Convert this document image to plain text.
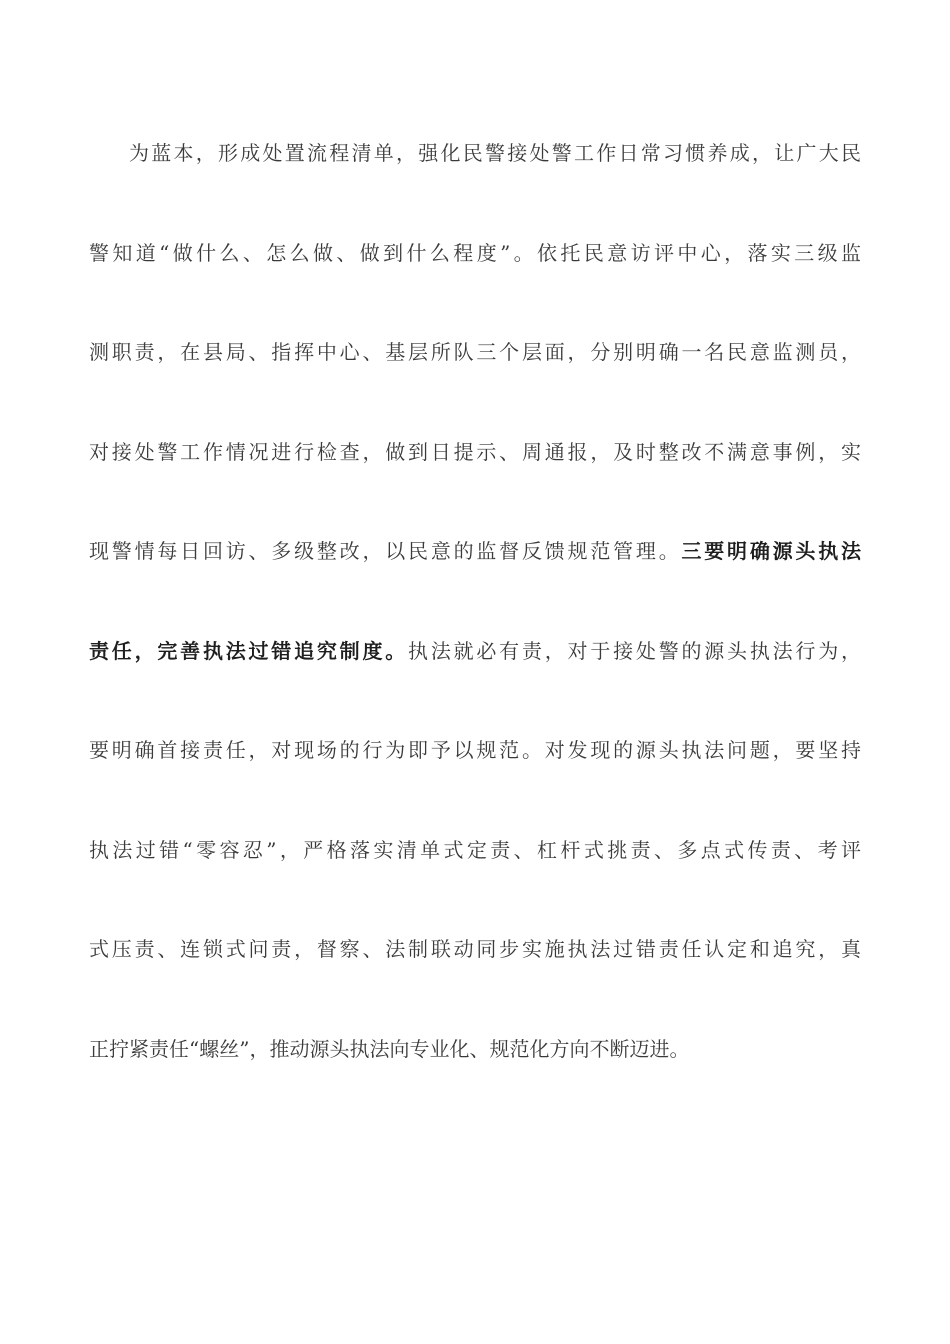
为蓝本，形成处置流程清单，强化民警接处警工作日常习惯养成，让广大民
警知道“做什么、怎么做、做到什么程度”。依托民意访评中心，落实三级监
测职责，在县局、指挥中心、基层所队三个层面，分别明确一名民意监测员，
对接处警工作情况进行检查，做到日提示、周通报，及时整改不满意事例，实
现警情每日回访、多级整改，以民意的监督反馈规范管理。三要明确源头执法
责任，完善执法过错追究制度。执法就必有责，对于接处警的源头执法行为，
要明确首接责任，对现场的行为即予以规范。对发现的源头执法问题，要坚持
执法过错“零容忍”，严格落实清单式定责、杠杆式挑责、多点式传责、考评
式压责、连锁式问责，督察、法制联动同步实施执法过错责任认定和追究，真
正拧紧责任“螺丝”，推动源头执法向专业化、规范化方向不断迈进。
